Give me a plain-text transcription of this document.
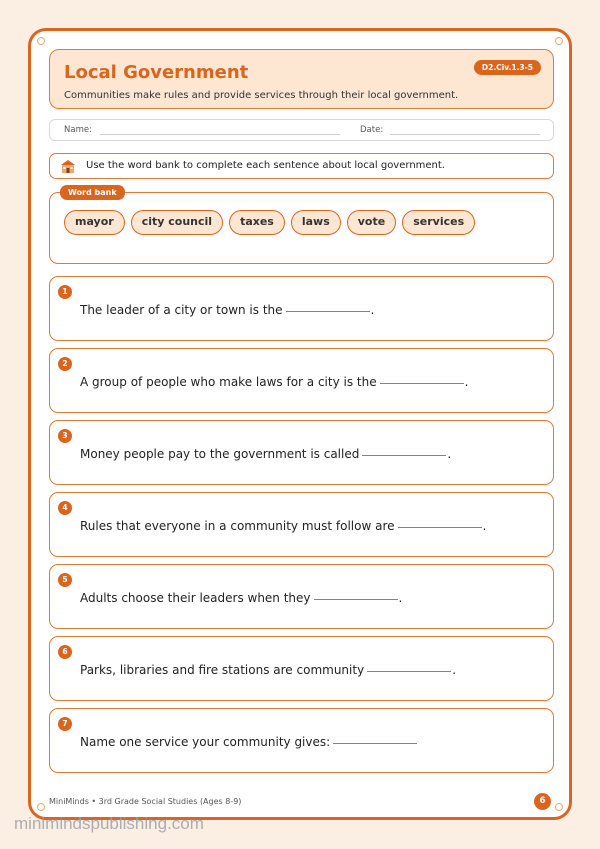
Local Government
Communities make rules and provide services through their local government.
D2.Civ.1.3-5
Name:	Date:
Use the word bank to complete each sentence about local government.
Word bank
mayor	city council	taxes	laws	vote	services
1
The leader of a city or town is the	.
2
A group of people who make laws for a city is the	.
3
Money people pay to the government is called	.
4
Rules that everyone in a community must follow are	.
5
Adults choose their leaders when they	.
6
Parks, libraries and fire stations are community	.
7
Name one service your community gives:
MiniMinds • 3rd Grade Social Studies (Ages 8-9)	6
minimindspublishing.com
